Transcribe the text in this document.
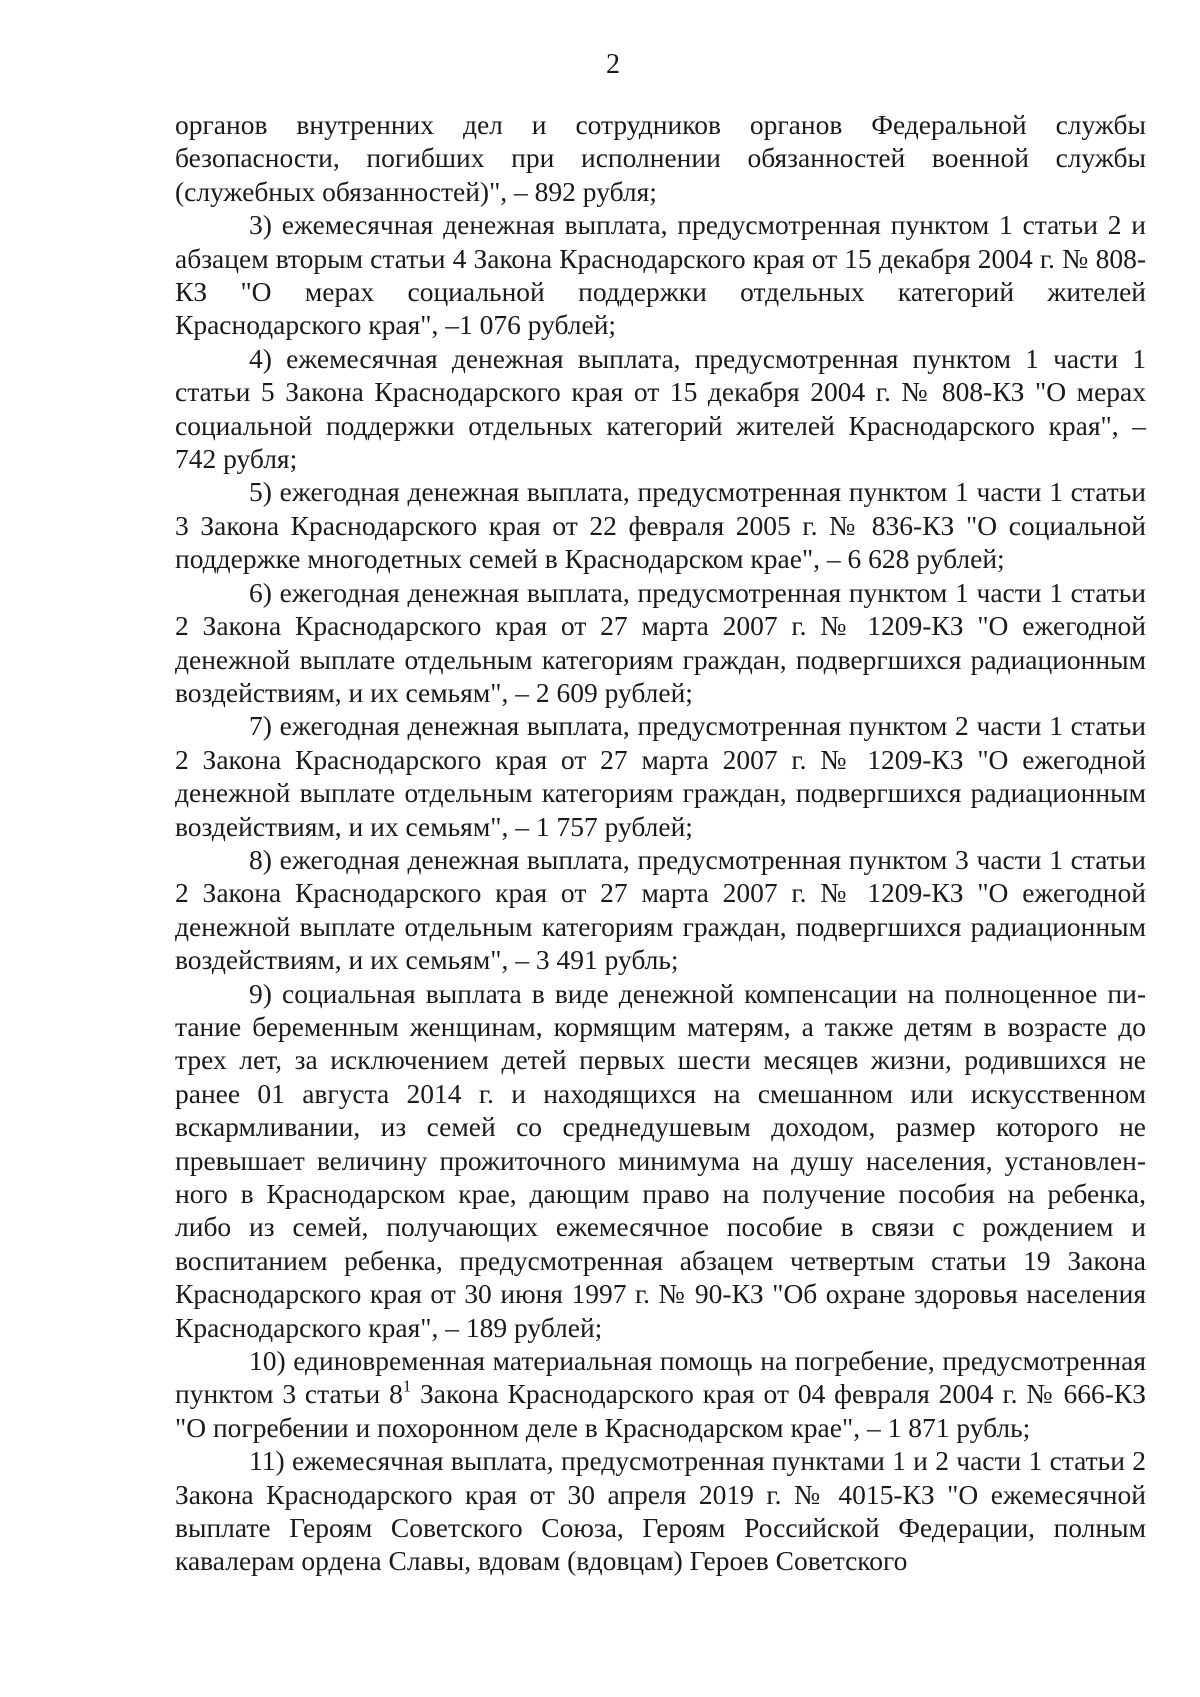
2

органов внутренних дел и сотрудников органов Федеральной службы безопасности, погибших при исполнении обязанностей военной службы (служебных обязанностей)", – 892 рубля;

3) ежемесячная денежная выплата, предусмотренная пунктом 1 статьи 2 и абзацем вторым статьи 4 Закона Краснодарского края от 15 декабря 2004 г. № 808-КЗ "О мерах социальной поддержки отдельных категорий жителей Краснодарского края", –1 076 рублей;

4) ежемесячная денежная выплата, предусмотренная пунктом 1 части 1 статьи 5 Закона Краснодарского края от 15 декабря 2004 г. № 808-КЗ "О мерах социальной поддержки отдельных категорий жителей Краснодарского края", – 742 рубля;

5) ежегодная денежная выплата, предусмотренная пунктом 1 части 1 статьи 3 Закона Краснодарского края от 22 февраля 2005 г. № 836-КЗ "О социальной поддержке многодетных семей в Краснодарском крае", – 6 628 рублей;

6) ежегодная денежная выплата, предусмотренная пунктом 1 части 1 статьи 2 Закона Краснодарского края от 27 марта 2007 г. № 1209-КЗ "О ежегодной денежной выплате отдельным категориям граждан, подвергшихся радиационным воздействиям, и их семьям", – 2 609 рублей;

7) ежегодная денежная выплата, предусмотренная пунктом 2 части 1 статьи 2 Закона Краснодарского края от 27 марта 2007 г. № 1209-КЗ "О ежегодной денежной выплате отдельным категориям граждан, подвергшихся радиационным воздействиям, и их семьям", – 1 757 рублей;

8) ежегодная денежная выплата, предусмотренная пунктом 3 части 1 статьи 2 Закона Краснодарского края от 27 марта 2007 г. № 1209-КЗ "О ежегодной денежной выплате отдельным категориям граждан, подвергшихся радиационным воздействиям, и их семьям", – 3 491 рубль;

9) социальная выплата в виде денежной компенсации на полноценное питание беременным женщинам, кормящим матерям, а также детям в возрасте до трех лет, за исключением детей первых шести месяцев жизни, родившихся не ранее 01 августа 2014 г. и находящихся на смешанном или искусственном вскармливании, из семей со среднедушевым доходом, размер которого не превышает величину прожиточного минимума на душу населения, установленного в Краснодарском крае, дающим право на получение пособия на ребенка, либо из семей, получающих ежемесячное пособие в связи с рождением и воспитанием ребенка, предусмотренная абзацем четвертым статьи 19 Закона Краснодарского края от 30 июня 1997 г. № 90-КЗ "Об охране здоровья населения Краснодарского края", – 189 рублей;

10) единовременная материальная помощь на погребение, предусмотренная пунктом 3 статьи $8^1$ Закона Краснодарского края от 04 февраля 2004 г. № 666-КЗ "О погребении и похоронном деле в Краснодарском крае", – 1 871 рубль;

11) ежемесячная выплата, предусмотренная пунктами 1 и 2 части 1 статьи 2 Закона Краснодарского края от 30 апреля 2019 г. № 4015-КЗ "О ежемесячной выплате Героям Советского Союза, Героям Российской Федерации, полным кавалерам ордена Славы, вдовам (вдовцам) Героев Советского
